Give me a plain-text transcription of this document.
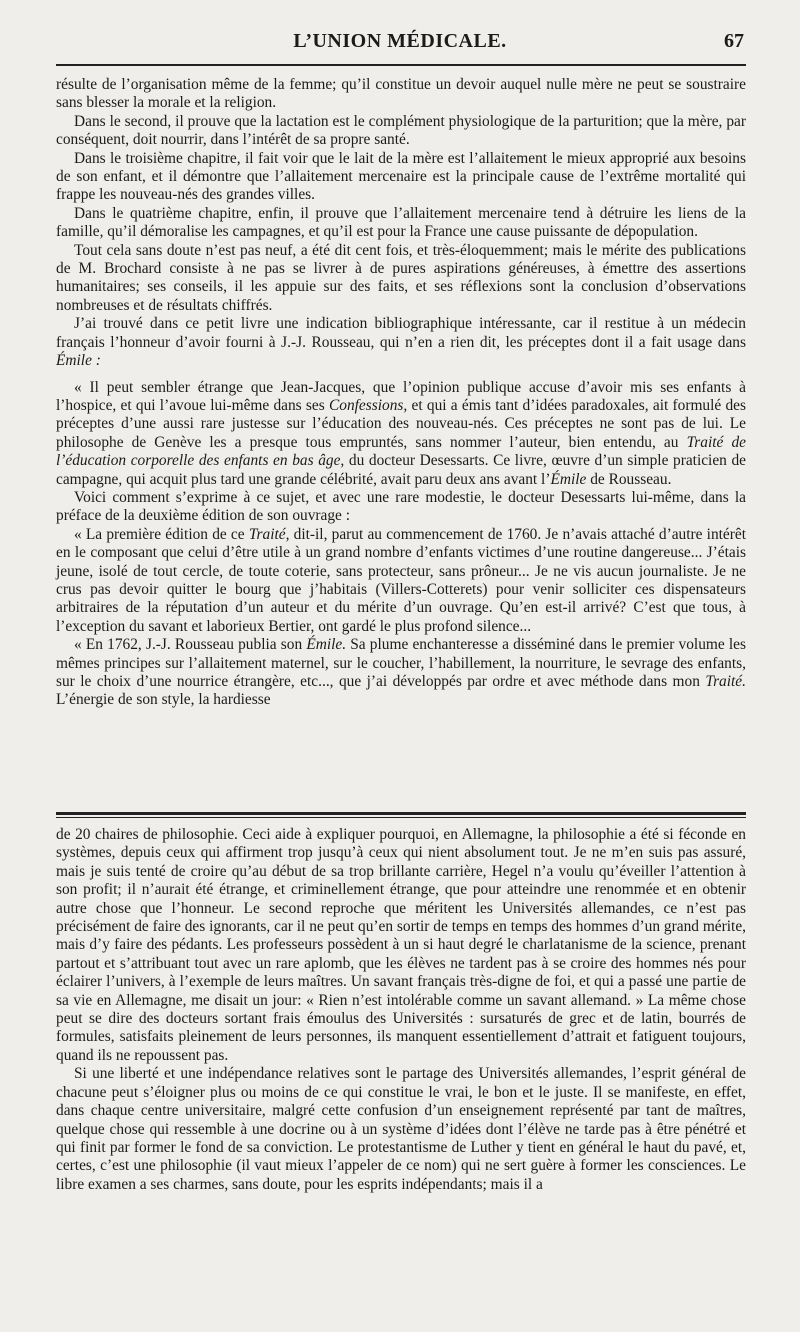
L’UNION MÉDICALE.	67

résulte de l’organisation même de la femme; qu’il constitue un devoir auquel nulle mère ne peut se soustraire sans blesser la morale et la religion.

Dans le second, il prouve que la lactation est le complément physiologique de la parturition; que la mère, par conséquent, doit nourrir, dans l’intérêt de sa propre santé.

Dans le troisième chapitre, il fait voir que le lait de la mère est l’allaitement le mieux approprié aux besoins de son enfant, et il démontre que l’allaitement mercenaire est la principale cause de l’extrême mortalité qui frappe les nouveau-nés des grandes villes.

Dans le quatrième chapitre, enfin, il prouve que l’allaitement mercenaire tend à détruire les liens de la famille, qu’il démoralise les campagnes, et qu’il est pour la France une cause puissante de dépopulation.

Tout cela sans doute n’est pas neuf, a été dit cent fois, et très-éloquemment; mais le mérite des publications de M. Brochard consiste à ne pas se livrer à de pures aspirations généreuses, à émettre des assertions humanitaires; ses conseils, il les appuie sur des faits, et ses réflexions sont la conclusion d’observations nombreuses et de résultats chiffrés.

J’ai trouvé dans ce petit livre une indication bibliographique intéressante, car il restitue à un médecin français l’honneur d’avoir fourni à J.-J. Rousseau, qui n’en a rien dit, les préceptes dont il a fait usage dans Émile :

« Il peut sembler étrange que Jean-Jacques, que l’opinion publique accuse d’avoir mis ses enfants à l’hospice, et qui l’avoue lui-même dans ses Confessions, et qui a émis tant d’idées paradoxales, ait formulé des préceptes d’une aussi rare justesse sur l’éducation des nouveau-nés. Ces préceptes ne sont pas de lui. Le philosophe de Genève les a presque tous empruntés, sans nommer l’auteur, bien entendu, au Traité de l’éducation corporelle des enfants en bas âge, du docteur Desessarts. Ce livre, œuvre d’un simple praticien de campagne, qui acquit plus tard une grande célébrité, avait paru deux ans avant l’Émile de Rousseau.

Voici comment s’exprime à ce sujet, et avec une rare modestie, le docteur Desessarts lui-même, dans la préface de la deuxième édition de son ouvrage :

« La première édition de ce Traité, dit-il, parut au commencement de 1760. Je n’avais attaché d’autre intérêt en le composant que celui d’être utile à un grand nombre d’enfants victimes d’une routine dangereuse... J’étais jeune, isolé de tout cercle, de toute coterie, sans protecteur, sans prôneur... Je ne vis aucun journaliste. Je ne crus pas devoir quitter le bourg que j’habitais (Villers-Cotterets) pour venir solliciter ces dispensateurs arbitraires de la réputation d’un auteur et du mérite d’un ouvrage. Qu’en est-il arrivé? C’est que tous, à l’exception du savant et laborieux Bertier, ont gardé le plus profond silence...

« En 1762, J.-J. Rousseau publia son Émile. Sa plume enchanteresse a disséminé dans le premier volume les mêmes principes sur l’allaitement maternel, sur le coucher, l’habillement, la nourriture, le sevrage des enfants, sur le choix d’une nourrice étrangère, etc..., que j’ai développés par ordre et avec méthode dans mon Traité. L’énergie de son style, la hardiesse

de 20 chaires de philosophie. Ceci aide à expliquer pourquoi, en Allemagne, la philosophie a été si féconde en systèmes, depuis ceux qui affirment trop jusqu’à ceux qui nient absolument tout. Je ne m’en suis pas assuré, mais je suis tenté de croire qu’au début de sa trop brillante carrière, Hegel n’a voulu qu’éveiller l’attention à son profit; il n’aurait été étrange, et criminellement étrange, que pour atteindre une renommée et en obtenir autre chose que l’honneur. Le second reproche que méritent les Universités allemandes, ce n’est pas précisément de faire des ignorants, car il ne peut qu’en sortir de temps en temps des hommes d’un grand mérite, mais d’y faire des pédants. Les professeurs possèdent à un si haut degré le charlatanisme de la science, prenant partout et s’attribuant tout avec un rare aplomb, que les élèves ne tardent pas à se croire des hommes nés pour éclairer l’univers, à l’exemple de leurs maîtres. Un savant français très-digne de foi, et qui a passé une partie de sa vie en Allemagne, me disait un jour: « Rien n’est intolérable comme un savant allemand. » La même chose peut se dire des docteurs sortant frais émoulus des Universités : sursaturés de grec et de latin, bourrés de formules, satisfaits pleinement de leurs personnes, ils manquent essentiellement d’attrait et fatiguent toujours, quand ils ne repoussent pas.

Si une liberté et une indépendance relatives sont le partage des Universités allemandes, l’esprit général de chacune peut s’éloigner plus ou moins de ce qui constitue le vrai, le bon et le juste. Il se manifeste, en effet, dans chaque centre universitaire, malgré cette confusion d’un enseignement représenté par tant de maîtres, quelque chose qui ressemble à une docrine ou à un système d’idées dont l’élève ne tarde pas à être pénétré et qui finit par former le fond de sa conviction. Le protestantisme de Luther y tient en général le haut du pavé, et, certes, c’est une philosophie (il vaut mieux l’appeler de ce nom) qui ne sert guère à former les consciences. Le libre examen a ses charmes, sans doute, pour les esprits indépendants; mais il a
